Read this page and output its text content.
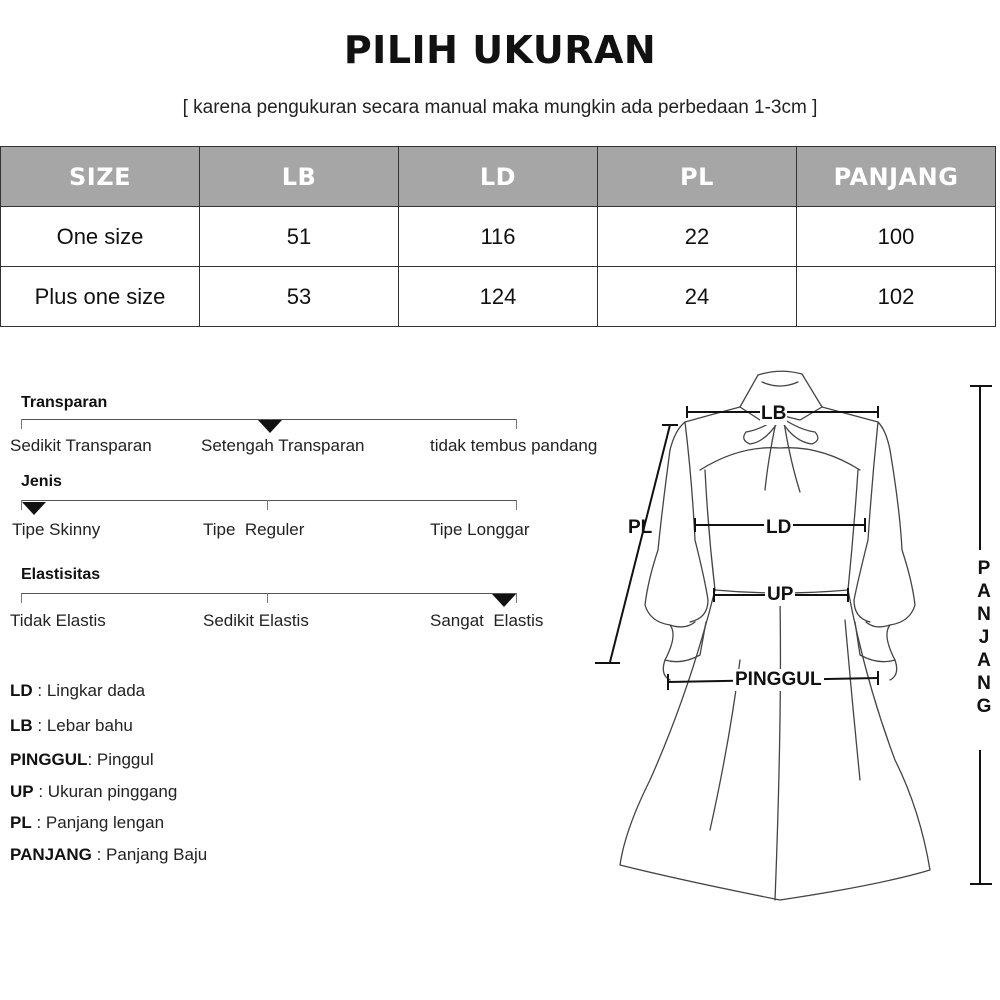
PILIH UKURAN
[ karena pengukuran secara manual maka mungkin ada perbedaan 1-3cm ]
SIZE	LB	LD	PL	PANJANG
One size	51	116	22	100
Plus one size	53	124	24	102
Transparan
Sedikit Transparan	Setengah Transparan	tidak tembus pandang
Jenis
Tipe Skinny	Tipe  Reguler	Tipe Longgar
Elastisitas
Tidak Elastis	Sedikit Elastis	Sangat  Elastis
LD : Lingkar dada
LB : Lebar bahu
PINGGUL: Pinggul
UP : Ukuran pinggang
PL : Panjang lengan
PANJANG : Panjang Baju
LB
LD
PL
UP
PINGGUL
P
A
N
J
A
N
G
